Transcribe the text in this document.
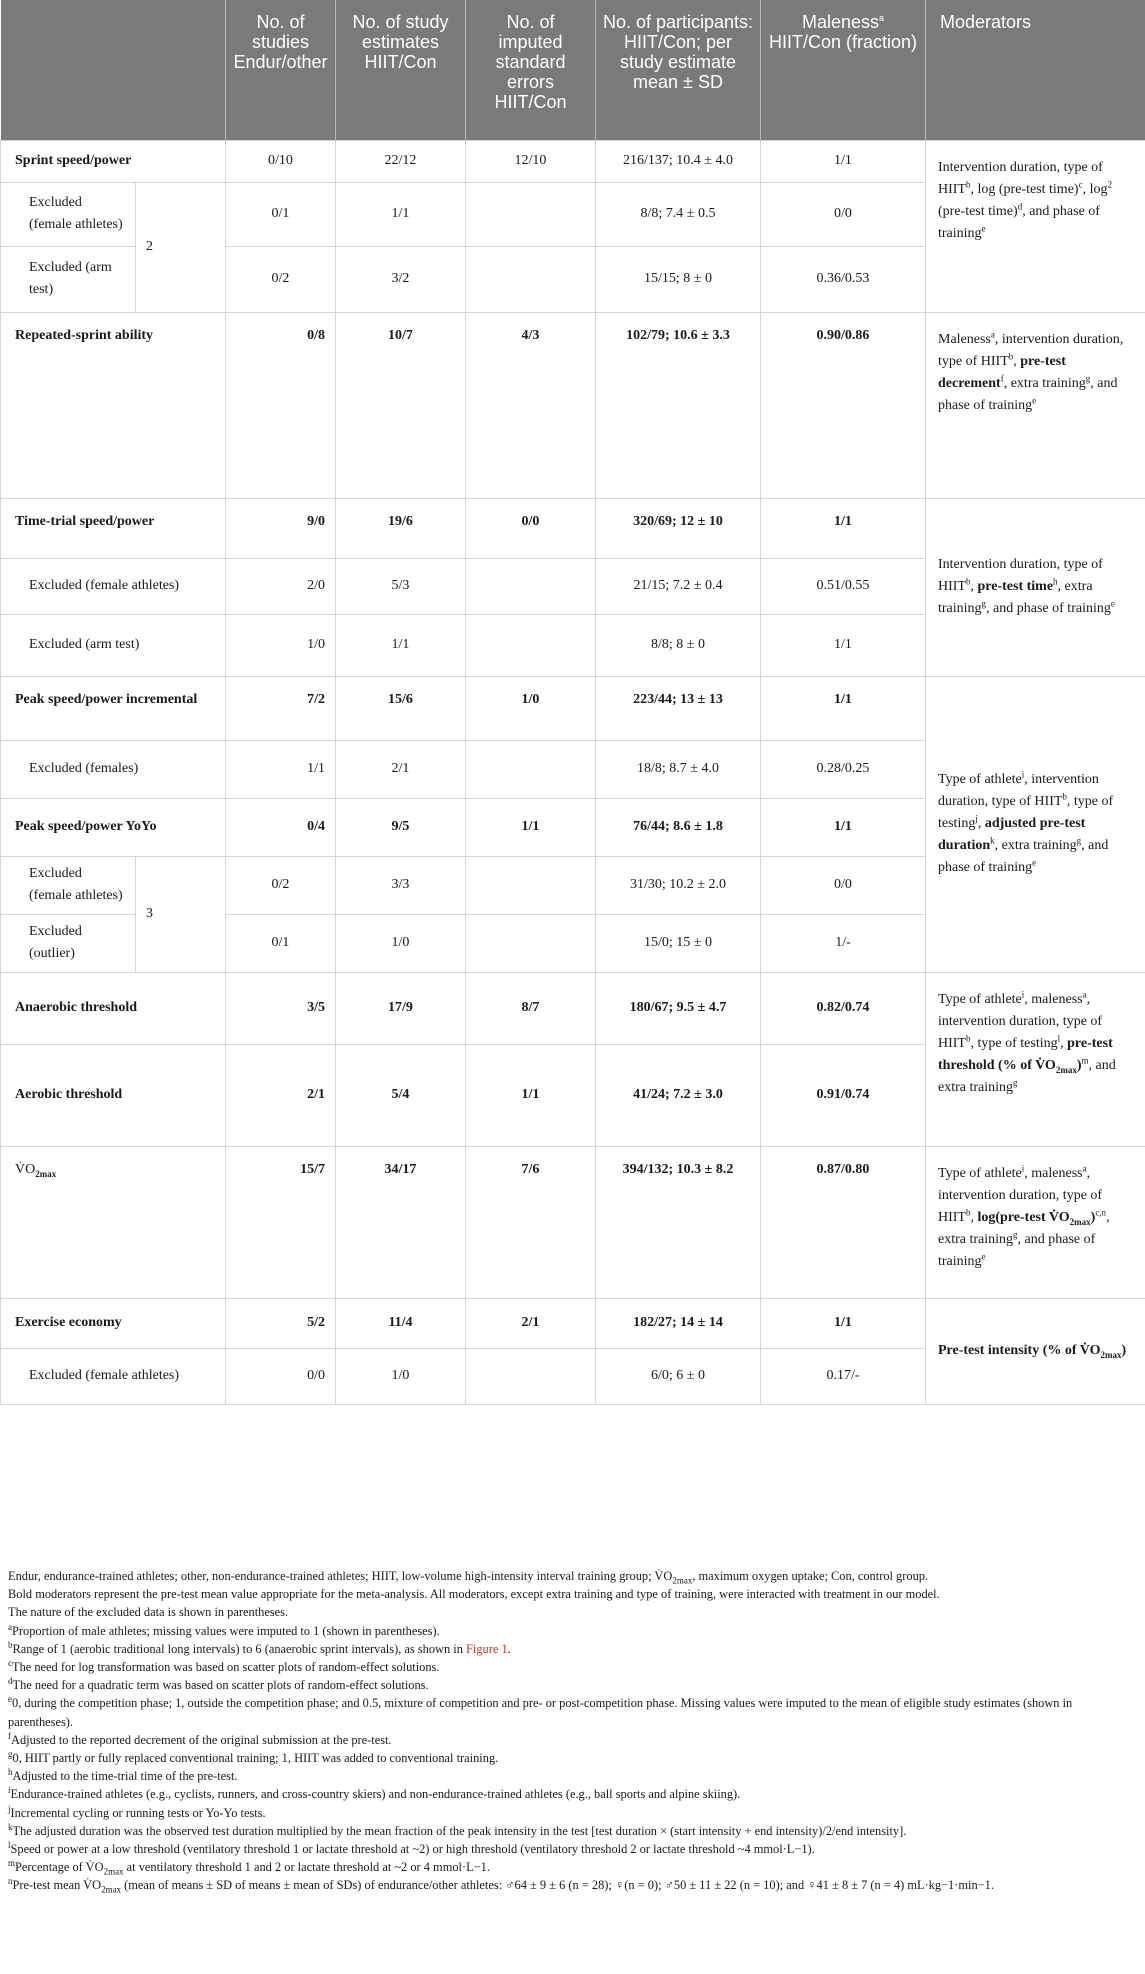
		No. of studies Endur/other	No. of study estimates HIIT/Con	No. of imputed standard errors HIIT/Con	No. of participants: HIIT/Con; per study estimate mean ± SD	Maleness$^a$ HIIT/Con (fraction)	Moderators
Sprint speed/power		0/10	22/12	12/10	216/137; 10.4 ± 4.0	1/1	Intervention duration, type of HIIT$^b$, log (pre-test time)$^c$, $\log^2$ (pre-test time)$^d$, and phase of training$^e$
Excluded (female athletes)	2	0/1	1/1		8/8; 7.4 ± 0.5	0/0	
Excluded (arm test)		0/2	3/2		15/15; 8 ± 0	0.36/0.53	
Repeated-sprint ability		0/8	10/7	4/3	102/79; 10.6 ± 3.3	0.90/0.86	Maleness$^a$, intervention duration, type of HIIT$^b$, pre-test decrement$^f$, extra training$^g$, and phase of training$^e$
Time-trial speed/power		9/0	19/6	0/0	320/69; 12 ± 10	1/1	Intervention duration, type of HIIT$^b$, pre-test time$^h$, extra training$^g$, and phase of training$^e$
Excluded (female athletes)		2/0	5/3		21/15; 7.2 ± 0.4	0.51/0.55	
Excluded (arm test)		1/0	1/1		8/8; 8 ± 0	1/1	
Peak speed/power incremental		7/2	15/6	1/0	223/44; 13 ± 13	1/1	Type of athlete$^i$, intervention duration, type of HIIT$^b$, type of testing$^j$, adjusted pre-test duration$^k$, extra training$^g$, and phase of training$^e$
Excluded (females)		1/1	2/1		18/8; 8.7 ± 4.0	0.28/0.25	
Peak speed/power YoYo		0/4	9/5	1/1	76/44; 8.6 ± 1.8	1/1	
Excluded (female athletes)	3	0/2	3/3		31/30; 10.2 ± 2.0	0/0	
Excluded (outlier)		0/1	1/0		15/0; 15 ± 0	1/-	
Anaerobic threshold		3/5	17/9	8/7	180/67; 9.5 ± 4.7	0.82/0.74	Type of athlete$^i$, maleness$^a$, intervention duration, type of HIIT$^b$, type of testing$^l$, pre-test threshold (% of $V̇O_{2max})^m$, and extra training$^g$
Aerobic threshold		2/1	5/4	1/1	41/24; 7.2 ± 3.0	0.91/0.74	
$V̇O_{2max}$		15/7	34/17	7/6	394/132; 10.3 ± 8.2	0.87/0.80	Type of athlete$^i$, maleness$^a$, intervention duration, type of HIIT$^b$, log(pre-test $V̇O_{2max})^{c,n}$, extra training$^g$, and phase of training$^e$
Exercise economy		5/2	11/4	2/1	182/27; 14 ± 14	1/1	Pre-test intensity (% of $V̇O_{2max}$)
Excluded (female athletes)		0/0	1/0		6/0; 6 ± 0	0.17/-	

Endur, endurance-trained athletes; other, non-endurance-trained athletes; HIIT, low-volume high-intensity interval training group; $V̇O_{2max}$, maximum oxygen uptake; Con, control group.

Bold moderators represent the pre-test mean value appropriate for the meta-analysis. All moderators, except extra training and type of training, were interacted with treatment in our model.

The nature of the excluded data is shown in parentheses.

$^a$Proportion of male athletes; missing values were imputed to 1 (shown in parentheses).

$^b$Range of 1 (aerobic traditional long intervals) to 6 (anaerobic sprint intervals), as shown in Figure 1.

$^c$The need for log transformation was based on scatter plots of random-effect solutions.

$^d$The need for a quadratic term was based on scatter plots of random-effect solutions.

$^e$0, during the competition phase; 1, outside the competition phase; and 0.5, mixture of competition and pre- or post-competition phase. Missing values were imputed to the mean of eligible study estimates (shown in parentheses).

$^f$Adjusted to the reported decrement of the original submission at the pre-test.

$^g$0, HIIT partly or fully replaced conventional training; 1, HIIT was added to conventional training.

$^h$Adjusted to the time-trial time of the pre-test.

$^i$Endurance-trained athletes (e.g., cyclists, runners, and cross-country skiers) and non-endurance-trained athletes (e.g., ball sports and alpine skiing).

$^j$Incremental cycling or running tests or Yo-Yo tests.

$^k$The adjusted duration was the observed test duration multiplied by the mean fraction of the peak intensity in the test [test duration × (start intensity + end intensity)/2/end intensity].

$^l$Speed or power at a low threshold (ventilatory threshold 1 or lactate threshold at ~2) or high threshold (ventilatory threshold 2 or lactate threshold ~4 mmol·L−1).

$^m$Percentage of $V̇O_{2max}$ at ventilatory threshold 1 and 2 or lactate threshold at ~2 or 4 mmol·L−1.

$^n$Pre-test mean $V̇O_{2max}$ (mean of means ± SD of means ± mean of SDs) of endurance/other athletes: ♂64 ± 9 ± 6 (n = 28); ♀(n = 0); ♂50 ± 11 ± 22 (n = 10); and ♀41 ± 8 ± 7 (n = 4) mL·kg−1·min−1.
